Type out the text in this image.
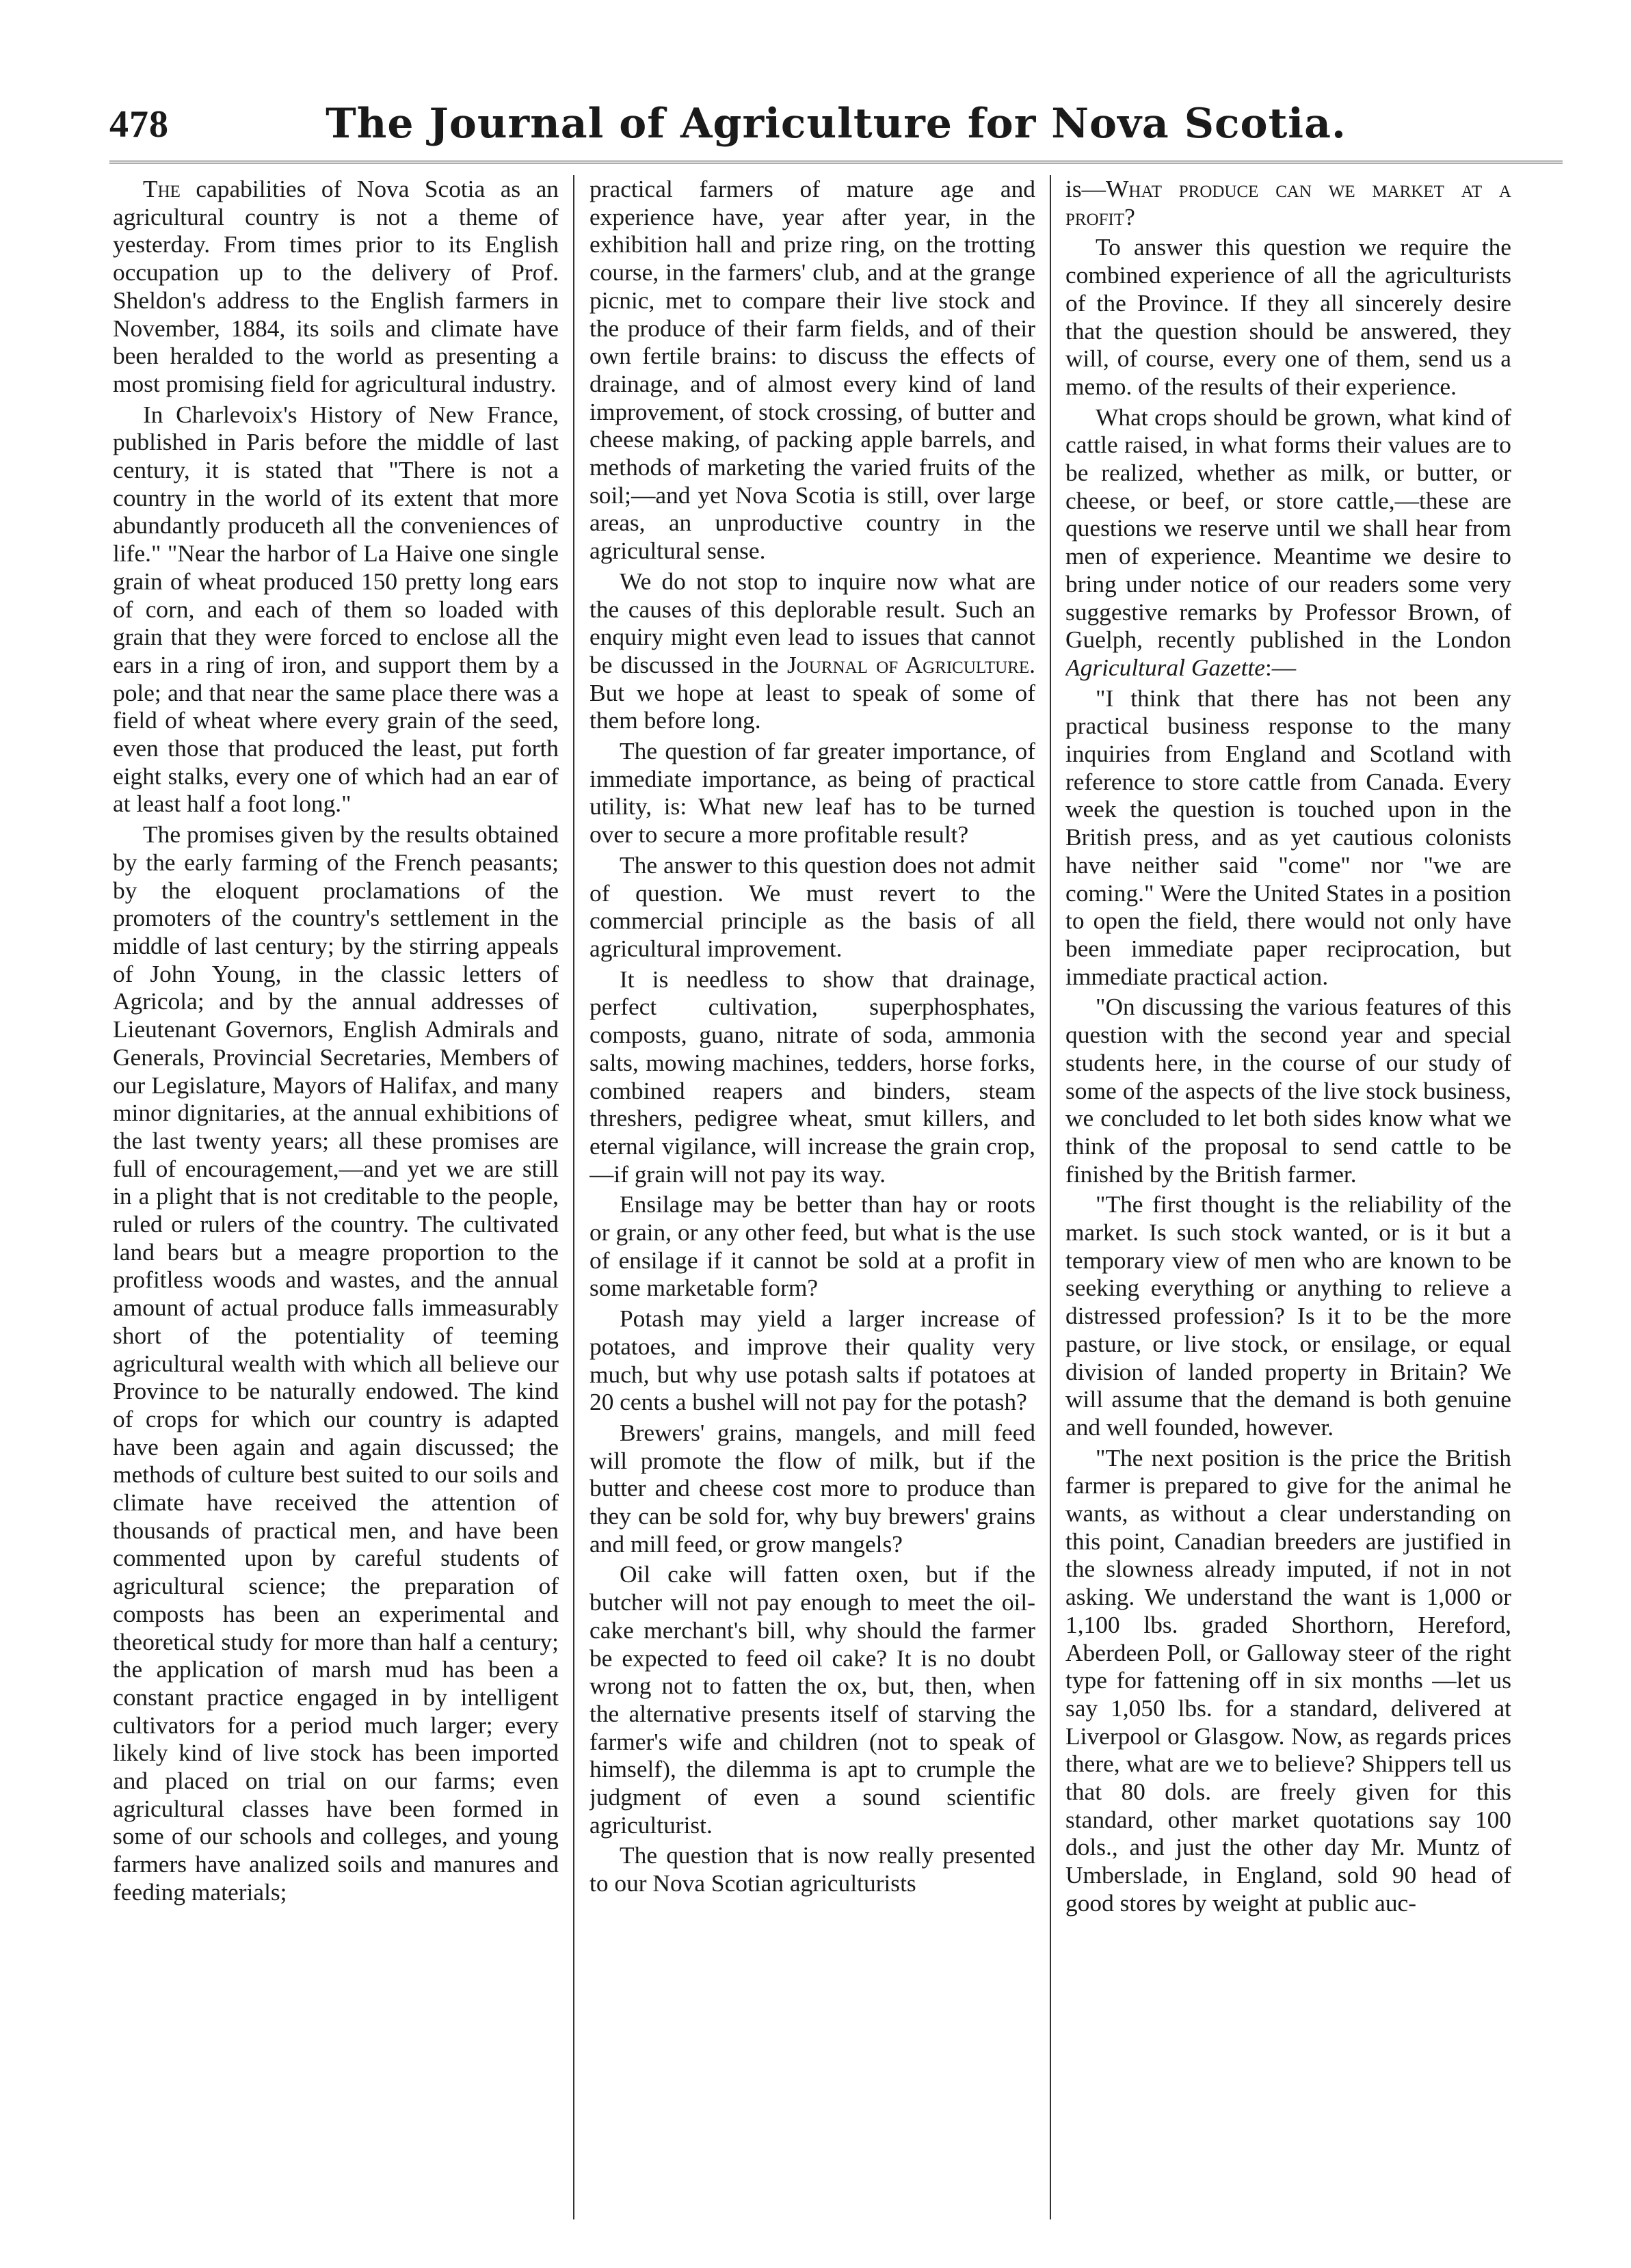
478	The Journal of Agriculture for Nova Scotia.

The capabilities of Nova Scotia as an agricultural country is not a theme of yesterday. From times prior to its English occupation up to the delivery of Prof. Sheldon's address to the English farmers in November, 1884, its soils and climate have been heralded to the world as presenting a most promising field for agricultural industry.

In Charlevoix's History of New France, published in Paris before the middle of last century, it is stated that "There is not a country in the world of its extent that more abundantly produceth all the conveniences of life." "Near the harbor of La Haive one single grain of wheat produced 150 pretty long ears of corn, and each of them so loaded with grain that they were forced to enclose all the ears in a ring of iron, and support them by a pole; and that near the same place there was a field of wheat where every grain of the seed, even those that produced the least, put forth eight stalks, every one of which had an ear of at least half a foot long."

The promises given by the results obtained by the early farming of the French peasants; by the eloquent proclamations of the promoters of the country's settlement in the middle of last century; by the stirring appeals of John Young, in the classic letters of Agricola; and by the annual addresses of Lieutenant Governors, English Admirals and Generals, Provincial Secretaries, Members of our Legislature, Mayors of Halifax, and many minor dignitaries, at the annual exhibitions of the last twenty years; all these promises are full of encouragement,—and yet we are still in a plight that is not creditable to the people, ruled or rulers of the country. The cultivated land bears but a meagre proportion to the profitless woods and wastes, and the annual amount of actual produce falls immeasurably short of the potentiality of teeming agricultural wealth with which all believe our Province to be naturally endowed. The kind of crops for which our country is adapted have been again and again discussed; the methods of culture best suited to our soils and climate have received the attention of thousands of practical men, and have been commented upon by careful students of agricultural science; the preparation of composts has been an experimental and theoretical study for more than half a century; the application of marsh mud has been a constant practice engaged in by intelligent cultivators for a period much larger; every likely kind of live stock has been imported and placed on trial on our farms; even agricultural classes have been formed in some of our schools and colleges, and young farmers have analized soils and manures and feeding materials;

practical farmers of mature age and experience have, year after year, in the exhibition hall and prize ring, on the trotting course, in the farmers' club, and at the grange picnic, met to compare their live stock and the produce of their farm fields, and of their own fertile brains: to discuss the effects of drainage, and of almost every kind of land improvement, of stock crossing, of butter and cheese making, of packing apple barrels, and methods of marketing the varied fruits of the soil;—and yet Nova Scotia is still, over large areas, an unproductive country in the agricultural sense.

We do not stop to inquire now what are the causes of this deplorable result. Such an enquiry might even lead to issues that cannot be discussed in the Journal of Agriculture. But we hope at least to speak of some of them before long.

The question of far greater importance, of immediate importance, as being of practical utility, is: What new leaf has to be turned over to secure a more profitable result?

The answer to this question does not admit of question. We must revert to the commercial principle as the basis of all agricultural improvement.

It is needless to show that drainage, perfect cultivation, superphosphates, composts, guano, nitrate of soda, ammonia salts, mowing machines, tedders, horse forks, combined reapers and binders, steam threshers, pedigree wheat, smut killers, and eternal vigilance, will increase the grain crop,—if grain will not pay its way.

Ensilage may be better than hay or roots or grain, or any other feed, but what is the use of ensilage if it cannot be sold at a profit in some marketable form?

Potash may yield a larger increase of potatoes, and improve their quality very much, but why use potash salts if potatoes at 20 cents a bushel will not pay for the potash?

Brewers' grains, mangels, and mill feed will promote the flow of milk, but if the butter and cheese cost more to produce than they can be sold for, why buy brewers' grains and mill feed, or grow mangels?

Oil cake will fatten oxen, but if the butcher will not pay enough to meet the oil-cake merchant's bill, why should the farmer be expected to feed oil cake? It is no doubt wrong not to fatten the ox, but, then, when the alternative presents itself of starving the farmer's wife and children (not to speak of himself), the dilemma is apt to crumple the judgment of even a sound scientific agriculturist.

The question that is now really presented to our Nova Scotian agriculturists

is—What produce can we market at a profit?

To answer this question we require the combined experience of all the agriculturists of the Province. If they all sincerely desire that the question should be answered, they will, of course, every one of them, send us a memo. of the results of their experience.

What crops should be grown, what kind of cattle raised, in what forms their values are to be realized, whether as milk, or butter, or cheese, or beef, or store cattle,—these are questions we reserve until we shall hear from men of experience. Meantime we desire to bring under notice of our readers some very suggestive remarks by Professor Brown, of Guelph, recently published in the London Agricultural Gazette:—

"I think that there has not been any practical business response to the many inquiries from England and Scotland with reference to store cattle from Canada. Every week the question is touched upon in the British press, and as yet cautious colonists have neither said "come" nor "we are coming." Were the United States in a position to open the field, there would not only have been immediate paper reciprocation, but immediate practical action.

"On discussing the various features of this question with the second year and special students here, in the course of our study of some of the aspects of the live stock business, we concluded to let both sides know what we think of the proposal to send cattle to be finished by the British farmer.

"The first thought is the reliability of the market. Is such stock wanted, or is it but a temporary view of men who are known to be seeking everything or anything to relieve a distressed profession? Is it to be the more pasture, or live stock, or ensilage, or equal division of landed property in Britain? We will assume that the demand is both genuine and well founded, however.

"The next position is the price the British farmer is prepared to give for the animal he wants, as without a clear understanding on this point, Canadian breeders are justified in the slowness already imputed, if not in not asking. We understand the want is 1,000 or 1,100 lbs. graded Shorthorn, Hereford, Aberdeen Poll, or Galloway steer of the right type for fattening off in six months —let us say 1,050 lbs. for a standard, delivered at Liverpool or Glasgow. Now, as regards prices there, what are we to believe? Shippers tell us that 80 dols. are freely given for this standard, other market quotations say 100 dols., and just the other day Mr. Muntz of Umberslade, in England, sold 90 head of good stores by weight at public auc-
